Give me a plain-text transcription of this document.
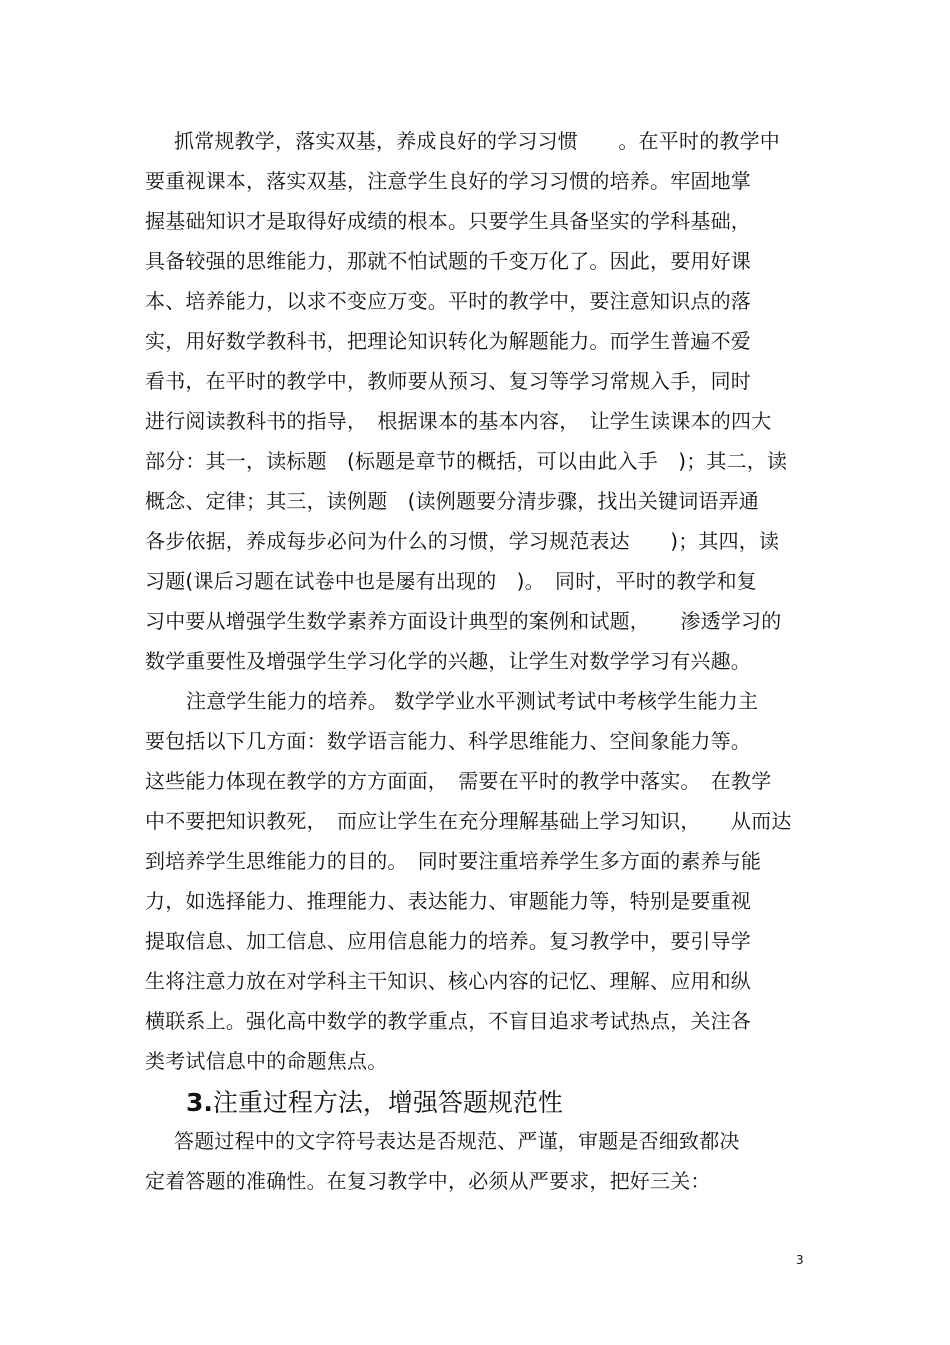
抓常规教学，落实双基，养成良好的学习习惯　　。在平时的教学中
要重视课本，落实双基，注意学生良好的学习习惯的培养。牢固地掌
握基础知识才是取得好成绩的根本。只要学生具备坚实的学科基础，
具备较强的思维能力，那就不怕试题的千变万化了。因此，要用好课
本、培养能力，以求不变应万变。平时的教学中，要注意知识点的落
实，用好数学教科书，把理论知识转化为解题能力。而学生普遍不爱
看书，在平时的教学中，教师要从预习、复习等学习常规入手，同时
进行阅读教科书的指导，　根据课本的基本内容，　让学生读课本的四大
部分：其一，读标题　(标题是章节的概括，可以由此入手　)；其二，读
概念、定律；其三，读例题　(读例题要分清步骤，找出关键词语弄通
各步依据，养成每步必问为什么的习惯，学习规范表达　　)；其四，读
习题(课后习题在试卷中也是屡有出现的　)。　同时，平时的教学和复
习中要从增强学生数学素养方面设计典型的案例和试题，　　渗透学习的
数学重要性及增强学生学习化学的兴趣，让学生对数学学习有兴趣。
注意学生能力的培养。 数学学业水平测试考试中考核学生能力主
要包括以下几方面：数学语言能力、科学思维能力、空间象能力等。
这些能力体现在教学的方方面面，　需要在平时的教学中落实。　在教学
中不要把知识教死，　而应让学生在充分理解基础上学习知识，　　从而达
到培养学生思维能力的目的。　同时要注重培养学生多方面的素养与能
力，如选择能力、推理能力、表达能力、审题能力等，特别是要重视
提取信息、加工信息、应用信息能力的培养。复习教学中，要引导学
生将注意力放在对学科主干知识、核心内容的记忆、理解、应用和纵
横联系上。强化高中数学的教学重点，不盲目追求考试热点，关注各
类考试信息中的命题焦点。
3.注重过程方法，增强答题规范性
答题过程中的文字符号表达是否规范、严谨，审题是否细致都决
定着答题的准确性。在复习教学中，必须从严要求，把好三关：
3
